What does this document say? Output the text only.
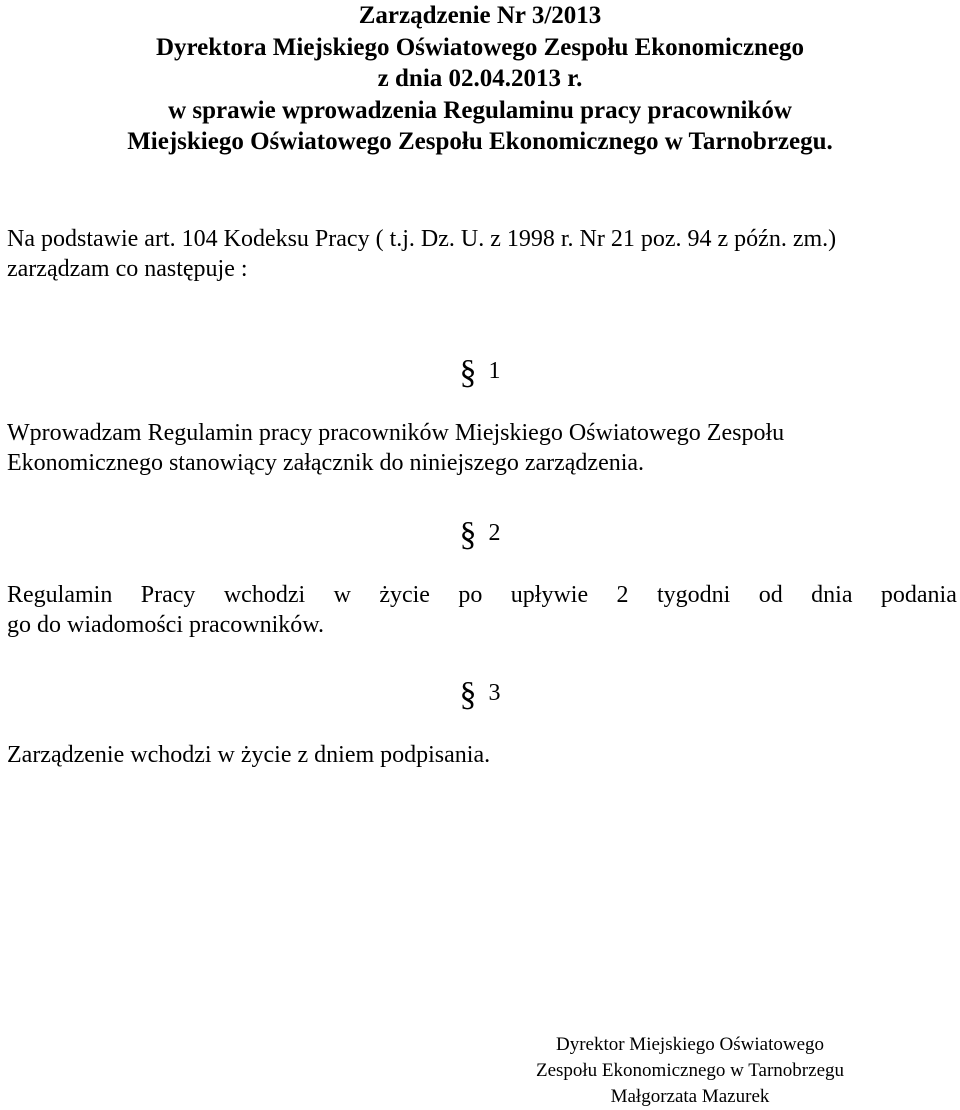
Zarządzenie Nr 3/2013
Dyrektora Miejskiego Oświatowego Zespołu Ekonomicznego
z dnia 02.04.2013 r.
w sprawie wprowadzenia Regulaminu pracy pracowników
Miejskiego Oświatowego Zespołu Ekonomicznego w Tarnobrzegu.
Na podstawie art. 104 Kodeksu Pracy ( t.j. Dz. U. z 1998 r. Nr 21 poz. 94 z późn. zm.)
zarządzam co następuje :
§ 1
Wprowadzam Regulamin pracy pracowników Miejskiego Oświatowego Zespołu
Ekonomicznego stanowiący załącznik do niniejszego zarządzenia.
§ 2
Regulamin Pracy wchodzi w życie po upływie 2 tygodni od dnia podania
go do wiadomości pracowników.
§ 3
Zarządzenie wchodzi w życie z dniem podpisania.
Dyrektor Miejskiego Oświatowego
Zespołu Ekonomicznego w Tarnobrzegu
Małgorzata Mazurek
